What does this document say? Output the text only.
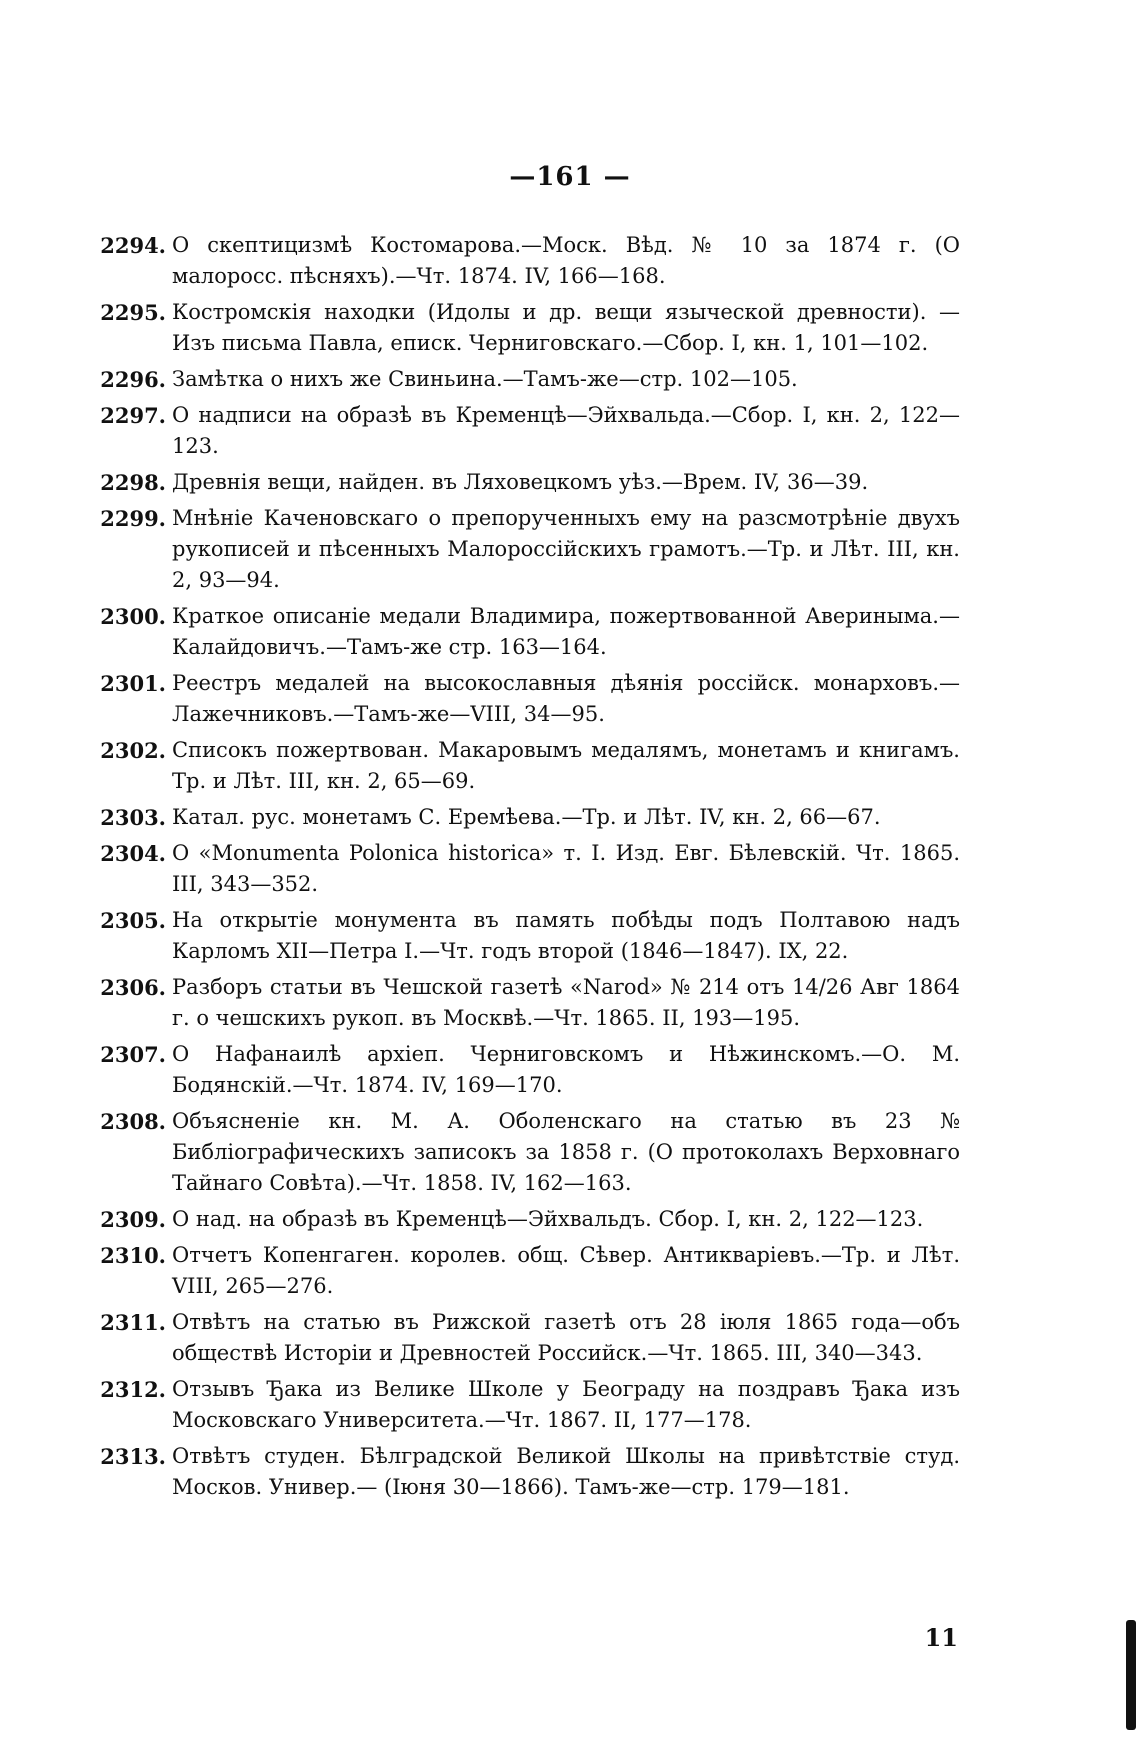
—161 —
2294. О скептицизмѣ Костомарова.—Моск. Вѣд. № 10 за 1874 г. (О малоросс. пѣсняхъ).—Чт. 1874. IV, 166—168.
2295. Костромскія находки (Идолы и др. вещи языческой древности). — Изъ письма Павла, еписк. Черниговскаго.—Сбор. I, кн. 1, 101—102.
2296. Замѣтка о нихъ же Свиньина.—Тамъ-же—стр. 102—105.
2297. О надписи на образѣ въ Кременцѣ—Эйхвальда.—Сбор. I, кн. 2, 122—123.
2298. Древнія вещи, найден. въ Ляховецкомъ уѣз.—Врем. IV, 36—39.
2299. Мнѣніе Каченовскаго о препорученныхъ ему на разсмотрѣніе двухъ рукописей и пѣсенныхъ Малороссійскихъ грамотъ.—Тр. и Лѣт. III, кн. 2, 93—94.
2300. Краткое описаніе медали Владимира, пожертвованной Авериныма.—Калайдовичъ.—Тамъ-же стр. 163—164.
2301. Реестръ медалей на высокославныя дѣянія россійск. монарховъ.—Лажечниковъ.—Тамъ-же—VIII, 34—95.
2302. Списокъ пожертвован. Макаровымъ медалямъ, монетамъ и книгамъ. Тр. и Лѣт. III, кн. 2, 65—69.
2303. Катал. рус. монетамъ С. Еремѣева.—Тр. и Лѣт. IV, кн. 2, 66—67.
2304. О «Monumenta Polonica historica» т. I. Изд. Евг. Бѣлевскій. Чт. 1865. III, 343—352.
2305. На открытіе монумента въ память побѣды подъ Полтавою надъ Карломъ XII—Петра I.—Чт. годъ второй (1846—1847). IX, 22.
2306. Разборъ статьи въ Чешской газетѣ «Narod» № 214 отъ 14/26 Авг 1864 г. о чешскихъ рукоп. въ Москвѣ.—Чт. 1865. II, 193—195.
2307. О Нафанаилѣ архіеп. Черниговскомъ и Нѣжинскомъ.—О. М. Бодянскій.—Чт. 1874. IV, 169—170.
2308. Объясненіе кн. М. А. Оболенскаго на статью въ 23 № Библіографическихъ записокъ за 1858 г. (О протоколахъ Верховнаго Тайнаго Совѣта).—Чт. 1858. IV, 162—163.
2309. О над. на образѣ въ Кременцѣ—Эйхвальдъ. Сбор. I, кн. 2, 122—123.
2310. Отчетъ Копенгаген. королев. общ. Сѣвер. Антикваріевъ.—Тр. и Лѣт. VIII, 265—276.
2311. Отвѣтъ на статью въ Рижской газетѣ отъ 28 іюля 1865 года—объ обществѣ Исторіи и Древностей Российск.—Чт. 1865. III, 340—343.
2312. Отзывъ Ђака из Велике Школе у Београду на поздравъ Ђака изъ Московскаго Университета.—Чт. 1867. II, 177—178.
2313. Отвѣтъ студен. Бѣлградской Великой Школы на привѣтствіе студ. Москов. Универ.— (Іюня 30—1866). Тамъ-же—стр. 179—181.
11
